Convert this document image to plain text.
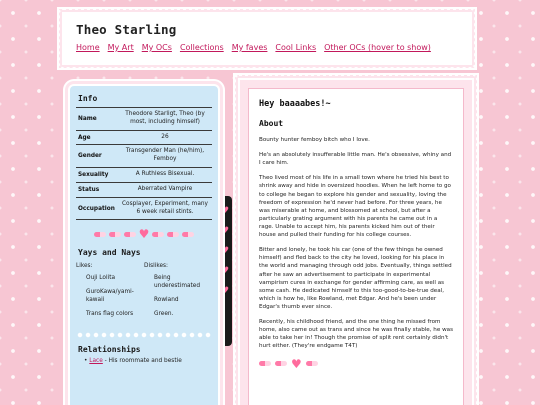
Theo Starling
Home My Art My OCs Collections My faves Cool Links Other OCs (hover to show)
♥
♥
♥
♥
♥
Info
Name	Theodore Starligt, Theo (by most, including himself)
Age	26
Gender	Transgender Man (he/him), Femboy
Sexuality	A Ruthless Bisexual.
Status	Aberrated Vampire
Occupation	Cosplayer, Experiment, many 6 week retail stints.
♥
Yays and Nays
Likes:
Ouji Lolita
GuroKawa/yami-kawaii
Trans flag colors
Dislikes:
Being underestimated
Rowland
Green.
Relationships
• Lace - His roommate and bestie
Hey baaaabes!~
About

Bounty hunter femboy bitch who I love.

He's an absolutely insufferable little man. He's obsessive, whiny and I care him.

Theo lived most of his life in a small town where he tried his best to shrink away and hide in oversized hoodies. When he left home to go to college he began to explore his gender and sexuality, loving the freedom of expression he'd never had before. For three years, he was miserable at home, and blossomed at school, but after a particularly grating argument with his parents he came out in a rage. Unable to accept him, his parents kicked him out of their house and pulled their funding for his college courses.

Bitter and lonely, he took his car (one of the few things he owned himself) and fled back to the city he loved, looking for his place in the world and managing through odd jobs. Eventually, things settled after he saw an advertisement to participate in experimental vampirism cures in exchange for gender affirming care, as well as some cash. He dedicated himself to this too-good-to-be-true deal, which is how he, like Rowland, met Edgar. And he's been under Edgar's thumb ever since.

Recently, his childhood friend, and the one thing he missed from home, also came out as trans and since he was finally stable, he was able to take her in! Though the promise of split rent certainly didn't hurt either. (They're endgame T4T)

♥
